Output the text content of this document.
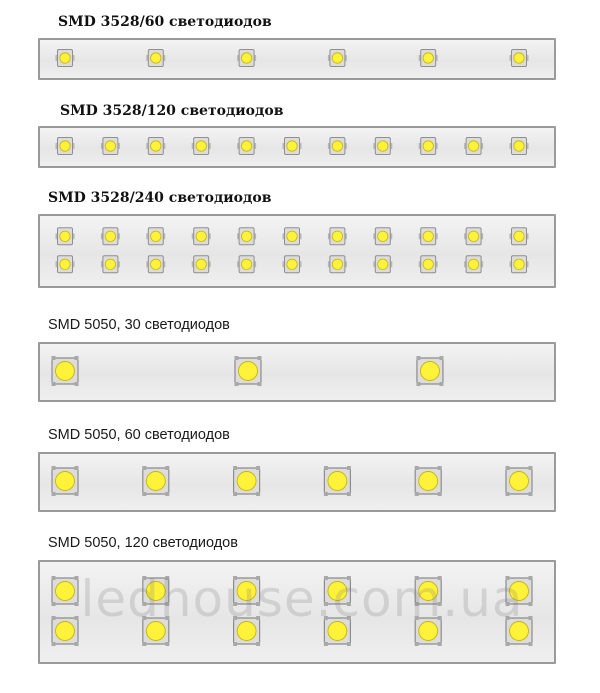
SMD 3528/60 светодиодов
SMD 3528/120 светодиодов
SMD 3528/240 светодиодов
SMD 5050, 30 светодиодов
SMD 5050, 60 светодиодов
SMD 5050, 120 светодиодов
ledhouse.com.ua
